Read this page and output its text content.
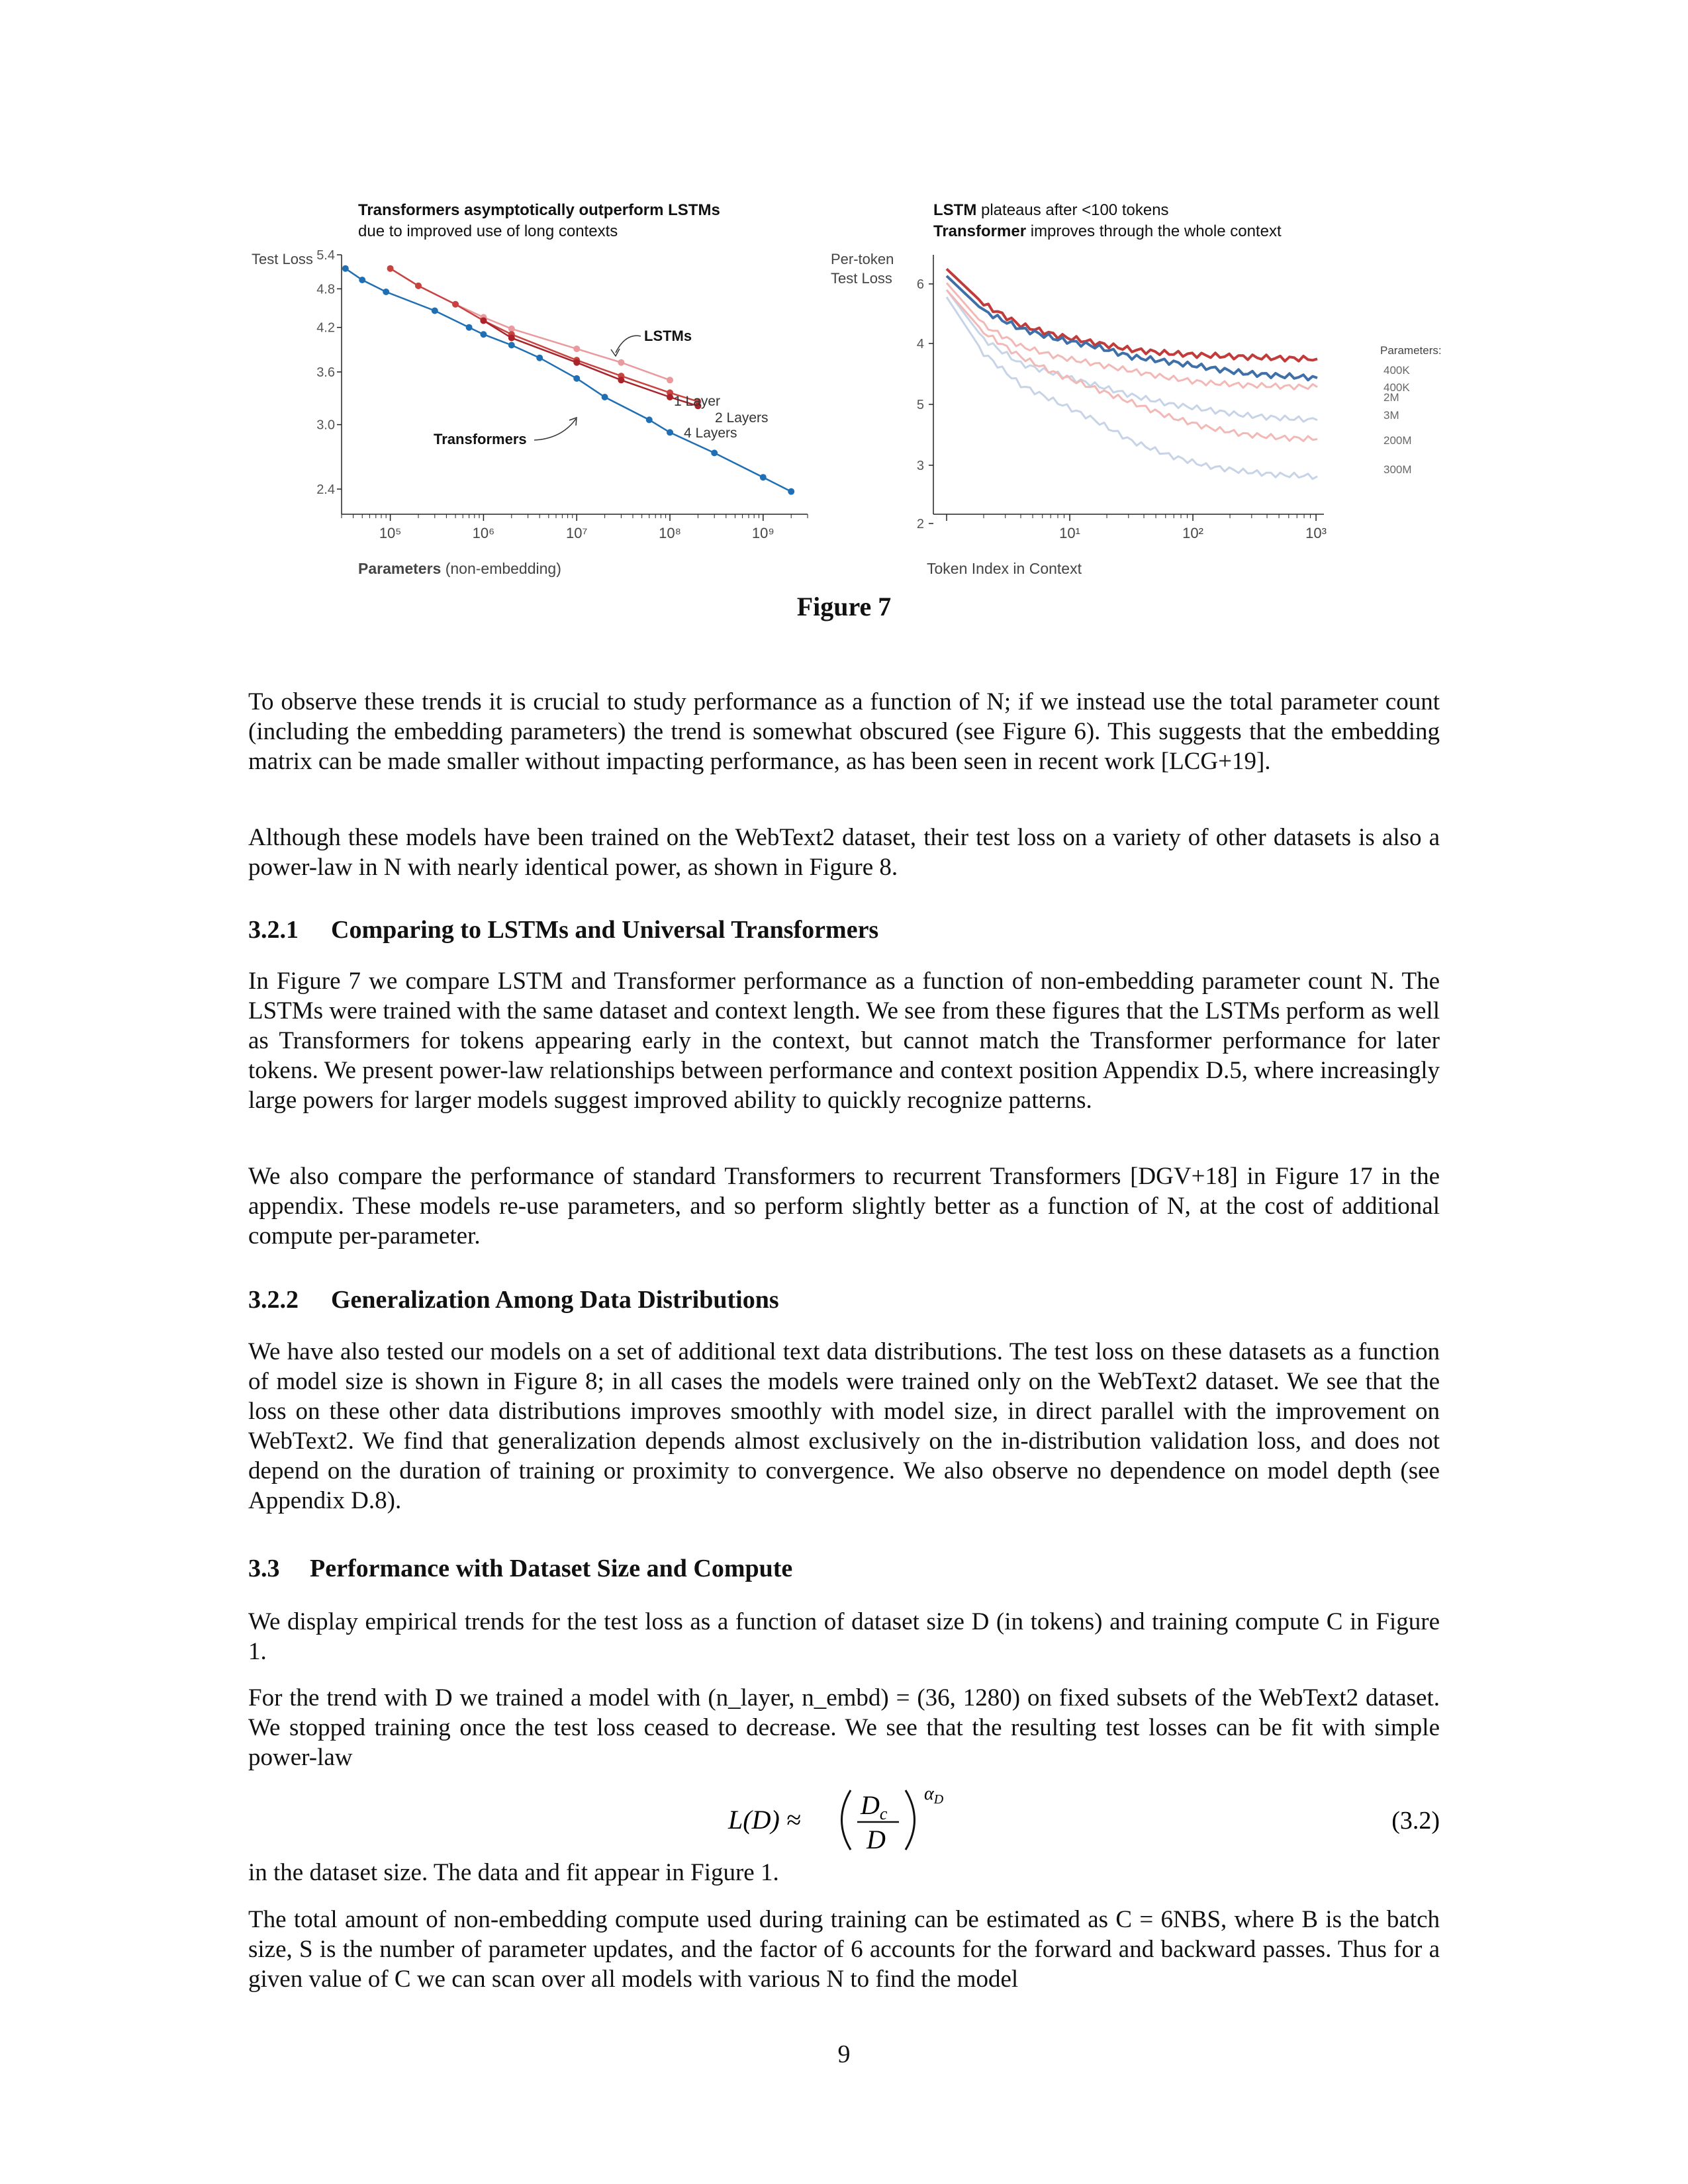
Transformers asymptotically outperform LSTMs
due to improved use of long contexts
Test Loss 5.4
4.8
4.2
3.6
3.0
2.4
10⁵	10⁶	10⁷	10⁸	10⁹
LSTMs
Transformers
1 Layer
2 Layers
4 Layers
Parameters (non-embedding)
LSTM plateaus after <100 tokens
Transformer improves through the whole context
Per-token
Test Loss 6
4
5
3
2
10¹	10²	10³
400K
400K
2M
3M
200M
300M
Parameters:
Token Index in Context
Figure 7

To observe these trends it is crucial to study performance as a function of N; if we instead use the total parameter count (including the embedding parameters) the trend is somewhat obscured (see Figure 6). This suggests that the embedding matrix can be made smaller without impacting performance, as has been seen in recent work [LCG+19].

Although these models have been trained on the WebText2 dataset, their test loss on a variety of other datasets is also a power-law in N with nearly identical power, as shown in Figure 8.

3.2.1 Comparing to LSTMs and Universal Transformers

In Figure 7 we compare LSTM and Transformer performance as a function of non-embedding parameter count N. The LSTMs were trained with the same dataset and context length. We see from these figures that the LSTMs perform as well as Transformers for tokens appearing early in the context, but cannot match the Transformer performance for later tokens. We present power-law relationships between performance and context position Appendix D.5, where increasingly large powers for larger models suggest improved ability to quickly recognize patterns.

We also compare the performance of standard Transformers to recurrent Transformers [DGV+18] in Figure 17 in the appendix. These models re-use parameters, and so perform slightly better as a function of N, at the cost of additional compute per-parameter.

3.2.2 Generalization Among Data Distributions

We have also tested our models on a set of additional text data distributions. The test loss on these datasets as a function of model size is shown in Figure 8; in all cases the models were trained only on the WebText2 dataset. We see that the loss on these other data distributions improves smoothly with model size, in direct parallel with the improvement on WebText2. We find that generalization depends almost exclusively on the in-distribution validation loss, and does not depend on the duration of training or proximity to convergence. We also observe no dependence on model depth (see Appendix D.8).

3.3 Performance with Dataset Size and Compute

We display empirical trends for the test loss as a function of dataset size D (in tokens) and training compute C in Figure 1.

For the trend with D we trained a model with (n_layer, n_embd) = (36, 1280) on fixed subsets of the WebText2 dataset. We stopped training once the test loss ceased to decrease. We see that the resulting test losses can be fit with simple power-law

$L(D) \approx D_c$
D
$\alpha_D$
(3.2)

in the dataset size. The data and fit appear in Figure 1.

The total amount of non-embedding compute used during training can be estimated as C = 6NBS, where B is the batch size, S is the number of parameter updates, and the factor of 6 accounts for the forward and backward passes. Thus for a given value of C we can scan over all models with various N to find the model

9
